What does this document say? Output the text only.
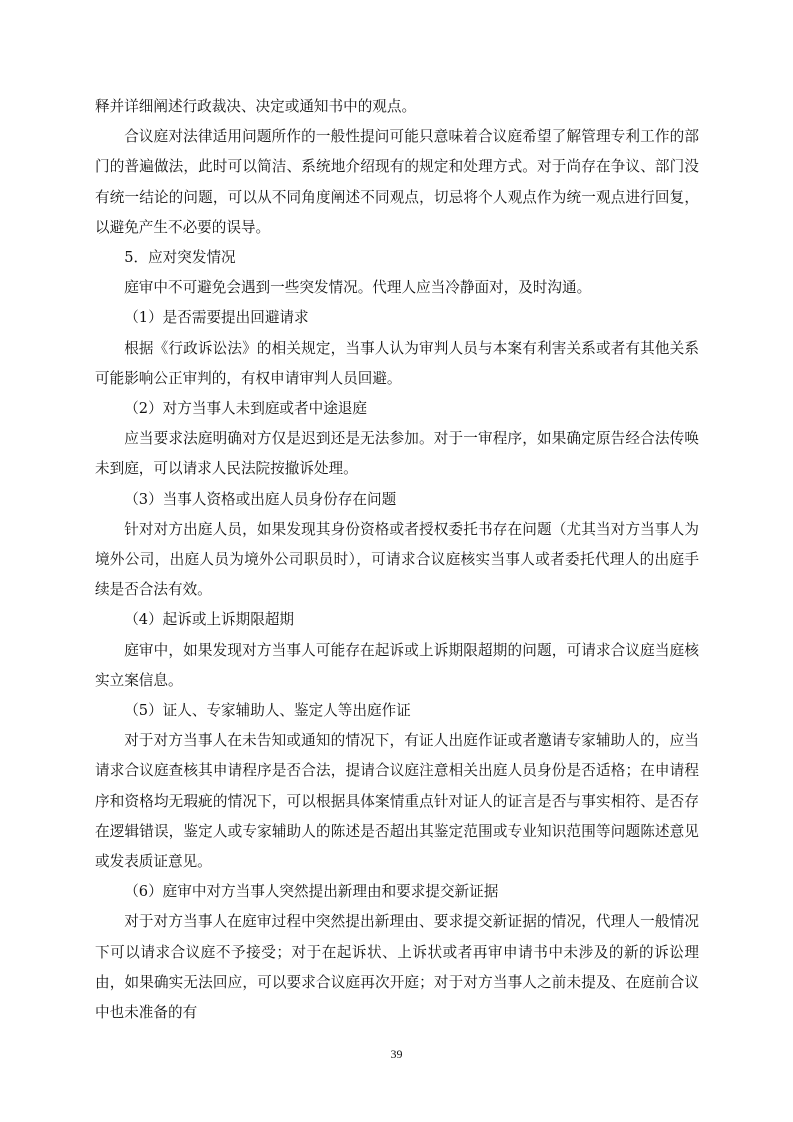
释并详细阐述行政裁决、决定或通知书中的观点。

合议庭对法律适用问题所作的一般性提问可能只意味着合议庭希望了解管理专利工作的部门的普遍做法，此时可以简洁、系统地介绍现有的规定和处理方式。对于尚存在争议、部门没有统一结论的问题，可以从不同角度阐述不同观点，切忌将个人观点作为统一观点进行回复，以避免产生不必要的误导。

5．应对突发情况

庭审中不可避免会遇到一些突发情况。代理人应当冷静面对，及时沟通。

（1）是否需要提出回避请求

根据《行政诉讼法》的相关规定，当事人认为审判人员与本案有利害关系或者有其他关系可能影响公正审判的，有权申请审判人员回避。

（2）对方当事人未到庭或者中途退庭

应当要求法庭明确对方仅是迟到还是无法参加。对于一审程序，如果确定原告经合法传唤未到庭，可以请求人民法院按撤诉处理。

（3）当事人资格或出庭人员身份存在问题

针对对方出庭人员，如果发现其身份资格或者授权委托书存在问题（尤其当对方当事人为境外公司，出庭人员为境外公司职员时），可请求合议庭核实当事人或者委托代理人的出庭手续是否合法有效。

（4）起诉或上诉期限超期

庭审中，如果发现对方当事人可能存在起诉或上诉期限超期的问题，可请求合议庭当庭核实立案信息。

（5）证人、专家辅助人、鉴定人等出庭作证

对于对方当事人在未告知或通知的情况下，有证人出庭作证或者邀请专家辅助人的，应当请求合议庭查核其申请程序是否合法，提请合议庭注意相关出庭人员身份是否适格；在申请程序和资格均无瑕疵的情况下，可以根据具体案情重点针对证人的证言是否与事实相符、是否存在逻辑错误，鉴定人或专家辅助人的陈述是否超出其鉴定范围或专业知识范围等问题陈述意见或发表质证意见。

（6）庭审中对方当事人突然提出新理由和要求提交新证据

对于对方当事人在庭审过程中突然提出新理由、要求提交新证据的情况，代理人一般情况下可以请求合议庭不予接受；对于在起诉状、上诉状或者再审申请书中未涉及的新的诉讼理由，如果确实无法回应，可以要求合议庭再次开庭；对于对方当事人之前未提及、在庭前合议中也未准备的有

39
